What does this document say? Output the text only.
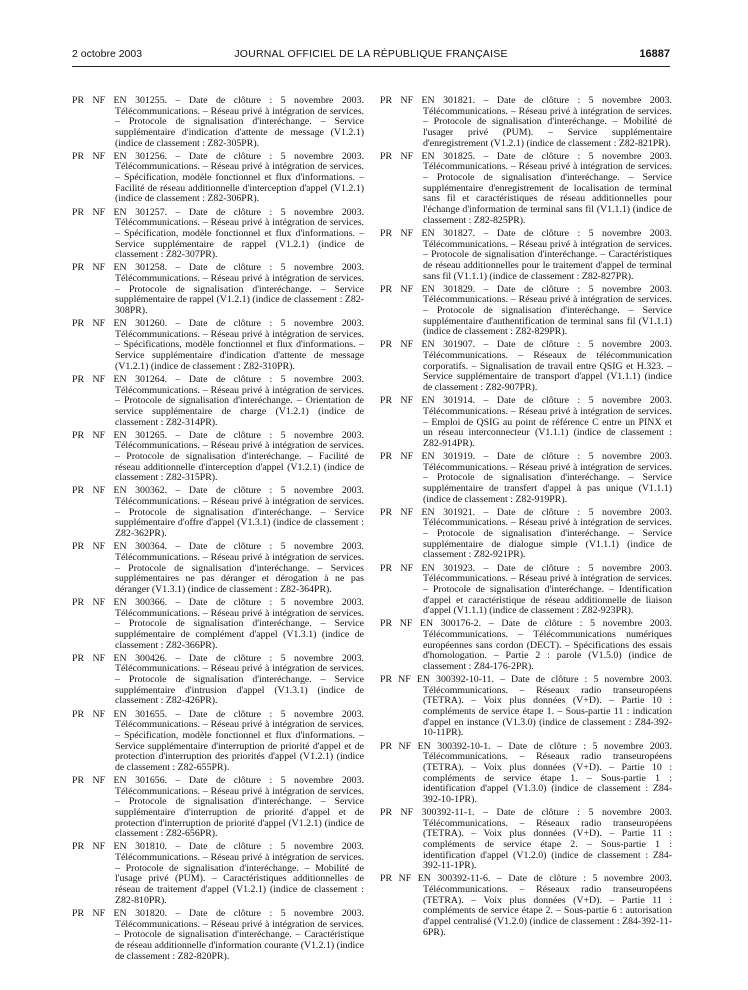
2 octobre 2003	JOURNAL OFFICIEL DE LA RÉPUBLIQUE FRANÇAISE	16887

PR NF EN 301255. – Date de clôture : 5 novembre 2003. Télécommunications. – Réseau privé à intégration de services. – Protocole de signalisation d'interéchange. – Service supplémentaire d'indication d'attente de message (V1.2.1) (indice de classement : Z82-305PR).

PR NF EN 301256. – Date de clôture : 5 novembre 2003. Télécommunications. – Réseau privé à intégration de services. – Spécification, modèle fonctionnel et flux d'informations. – Facilité de réseau additionnelle d'interception d'appel (V1.2.1) (indice de classement : Z82-306PR).

PR NF EN 301257. – Date de clôture : 5 novembre 2003. Télécommunications. – Réseau privé à intégration de services. – Spécification, modèle fonctionnel et flux d'informations. – Service supplémentaire de rappel (V1.2.1) (indice de classement : Z82-307PR).

PR NF EN 301258. – Date de clôture : 5 novembre 2003. Télécommunications. – Réseau privé à intégration de services. – Protocole de signalisation d'interéchange. – Service supplémentaire de rappel (V1.2.1) (indice de classement : Z82-308PR).

PR NF EN 301260. – Date de clôture : 5 novembre 2003. Télécommunications. – Réseau privé à intégration de services. – Spécifications, modèle fonctionnel et flux d'informations. – Service supplémentaire d'indication d'attente de message (V1.2.1) (indice de classement : Z82-310PR).

PR NF EN 301264. – Date de clôture : 5 novembre 2003. Télécommunications. – Réseau privé à intégration de services. – Protocole de signalisation d'interéchange. – Orientation de service supplémentaire de charge (V1.2.1) (indice de classement : Z82-314PR).

PR NF EN 301265. – Date de clôture : 5 novembre 2003. Télécommunications. – Réseau privé à intégration de services. – Protocole de signalisation d'interéchange. – Facilité de réseau additionnelle d'interception d'appel (V1.2.1) (indice de classement : Z82-315PR).

PR NF EN 300362. – Date de clôture : 5 novembre 2003. Télécommunications. – Réseau privé à intégration de services. – Protocole de signalisation d'interéchange. – Service supplémentaire d'offre d'appel (V1.3.1) (indice de classement : Z82-362PR).

PR NF EN 300364. – Date de clôture : 5 novembre 2003. Télécommunications. – Réseau privé à intégration de services. – Protocole de signalisation d'interéchange. – Services supplémentaires ne pas déranger et dérogation à ne pas déranger (V1.3.1) (indice de classement : Z82-364PR).

PR NF EN 300366. – Date de clôture : 5 novembre 2003. Télécommunications. – Réseau privé à intégration de services. – Protocole de signalisation d'interéchange. – Service supplémentaire de complément d'appel (V1.3.1) (indice de classement : Z82-366PR).

PR NF EN 300426. – Date de clôture : 5 novembre 2003. Télécommunications. – Réseau privé à intégration de services. – Protocole de signalisation d'interéchange. – Service supplémentaire d'intrusion d'appel (V1.3.1) (indice de classement : Z82-426PR).

PR NF EN 301655. – Date de clôture : 5 novembre 2003. Télécommunications. – Réseau privé à intégration de services. – Spécification, modèle fonctionnel et flux d'informations. – Service supplémentaire d'interruption de priorité d'appel et de protection d'interruption des priorités d'appel (V1.2.1) (indice de classement : Z82-655PR).

PR NF EN 301656. – Date de clôture : 5 novembre 2003. Télécommunications. – Réseau privé à intégration de services. – Protocole de signalisation d'interéchange. – Service supplémentaire d'interruption de priorité d'appel et de protection d'interruption de priorité d'appel (V1.2.1) (indice de classement : Z82-656PR).

PR NF EN 301810. – Date de clôture : 5 novembre 2003. Télécommunications. – Réseau privé à intégration de services. – Protocole de signalisation d'interéchange. – Mobilité de l'usage privé (PUM). – Caractéristiques additionnelles de réseau de traitement d'appel (V1.2.1) (indice de classement : Z82-810PR).

PR NF EN 301820. – Date de clôture : 5 novembre 2003. Télécommunications. – Réseau privé à intégration de services. – Protocole de signalisation d'interéchange. – Caractéristique de réseau additionnelle d'information courante (V1.2.1) (indice de classement : Z82-820PR).

PR NF EN 301821. – Date de clôture : 5 novembre 2003. Télécommunications. – Réseau privé à intégration de services. – Protocole de signalisation d'interéchange. – Mobilité de l'usager privé (PUM). – Service supplémentaire d'enregistrement (V1.2.1) (indice de classement : Z82-821PR).

PR NF EN 301825. – Date de clôture : 5 novembre 2003. Télécommunications. – Réseau privé à intégration de services. – Protocole de signalisation d'interéchange. – Service supplémentaire d'enregistrement de localisation de terminal sans fil et caractéristiques de réseau additionnelles pour l'échange d'information de terminal sans fil (V1.1.1) (indice de classement : Z82-825PR).

PR NF EN 301827. – Date de clôture : 5 novembre 2003. Télécommunications. – Réseau privé à intégration de services. – Protocole de signalisation d'interéchange. – Caractéristiques de réseau additionnelles pour le traitement d'appel de terminal sans fil (V1.1.1) (indice de classement : Z82-827PR).

PR NF EN 301829. – Date de clôture : 5 novembre 2003. Télécommunications. – Réseau privé à intégration de services. – Protocole de signalisation d'interéchange. – Service supplémentaire d'authentification de terminal sans fil (V1.1.1) (indice de classement : Z82-829PR).

PR NF EN 301907. – Date de clôture : 5 novembre 2003. Télécommunications. – Réseaux de télécommunication corporatifs. – Signalisation de travail entre QSIG et H.323. – Service supplémentaire de transport d'appel (V1.1.1) (indice de classement : Z82-907PR).

PR NF EN 301914. – Date de clôture : 5 novembre 2003. Télécommunications. – Réseau privé à intégration de services. – Emploi de QSIG au point de référence C entre un PINX et un réseau interconnecteur (V1.1.1) (indice de classement : Z82-914PR).

PR NF EN 301919. – Date de clôture : 5 novembre 2003. Télécommunications. – Réseau privé à intégration de services. – Protocole de signalisation d'interéchange. – Service supplémentaire de transfert d'appel à pas unique (V1.1.1) (indice de classement : Z82-919PR).

PR NF EN 301921. – Date de clôture : 5 novembre 2003. Télécommunications. – Réseau privé à intégration de services. – Protocole de signalisation d'interéchange. – Service supplémentaire de dialogue simple (V1.1.1) (indice de classement : Z82-921PR).

PR NF EN 301923. – Date de clôture : 5 novembre 2003. Télécommunications. – Réseau privé à intégration de services. – Protocole de signalisation d'interéchange. – Identification d'appel et caractéristique de réseau additionnelle de liaison d'appel (V1.1.1) (indice de classement : Z82-923PR).

PR NF EN 300176-2. – Date de clôture : 5 novembre 2003. Télécommunications. – Télécommunications numériques européennes sans cordon (DECT). – Spécifications des essais d'homologation. – Partie 2 : parole (V1.5.0) (indice de classement : Z84-176-2PR).

PR NF EN 300392-10-11. – Date de clôture : 5 novembre 2003. Télécommunications. – Réseaux radio transeuropéens (TETRA). – Voix plus données (V+D). – Partie 10 : compléments de service étape 1. – Sous-partie 11 : indication d'appel en instance (V1.3.0) (indice de classement : Z84-392-10-11PR).

PR NF EN 300392-10-1. – Date de clôture : 5 novembre 2003. Télécommunications. – Réseaux radio transeuropéens (TETRA). – Voix plus données (V+D). – Partie 10 : compléments de service étape 1. – Sous-partie 1 : identification d'appel (V1.3.0) (indice de classement : Z84-392-10-1PR).

PR NF 300392-11-1. – Date de clôture : 5 novembre 2003. Télécommunications. – Réseaux radio transeuropéens (TETRA). – Voix plus données (V+D). – Partie 11 : compléments de service étape 2. – Sous-partie 1 : identification d'appel (V1.2.0) (indice de classement : Z84-392-11-1PR).

PR NF EN 300392-11-6. – Date de clôture : 5 novembre 2003. Télécommunications. – Réseaux radio transeuropéens (TETRA). – Voix plus données (V+D). – Partie 11 : compléments de service étape 2. – Sous-partie 6 : autorisation d'appel centralisé (V1.2.0) (indice de classement : Z84-392-11-6PR).
